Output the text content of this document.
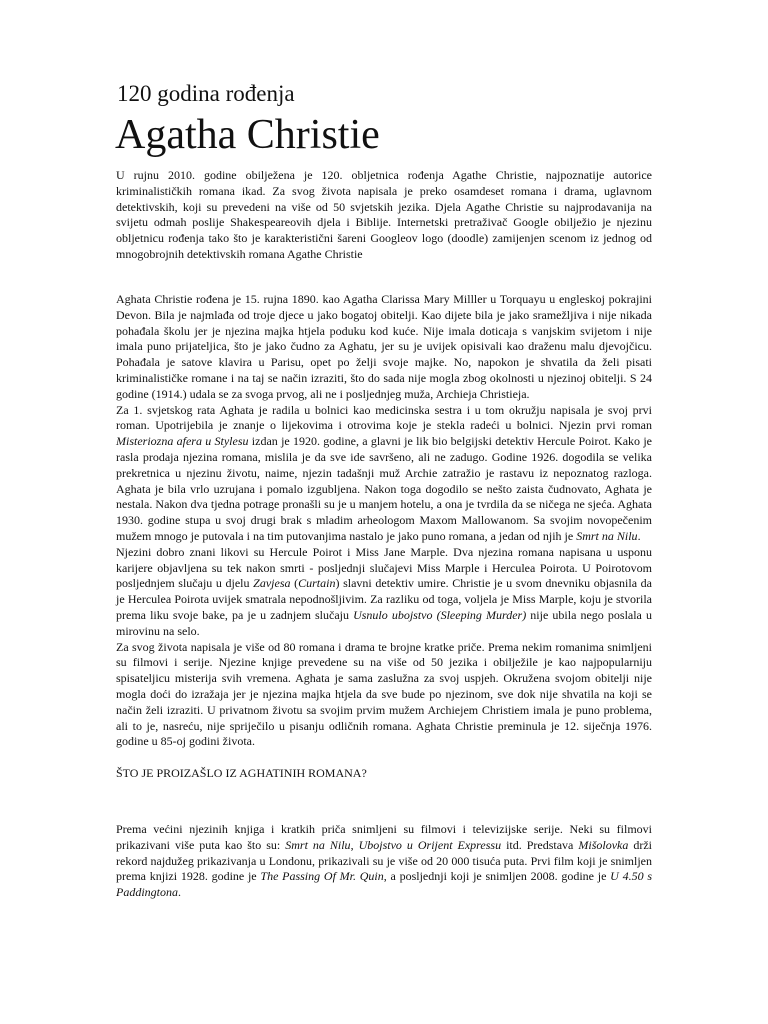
120 godina rođenja
Agatha Christie

U rujnu 2010. godine obilježena je 120. obljetnica rođenja Agathe Christie, najpoznatije autorice kriminalističkih romana ikad. Za svog života napisala je preko osamdeset romana i drama, uglavnom detektivskih, koji su prevedeni na više od 50 svjetskih jezika. Djela Agathe Christie su najprodavanija na svijetu odmah poslije Shakespeareovih djela i Biblije. Internetski pretraživač Google obilježio je njezinu obljetnicu rođenja tako što je karakteristični šareni Googleov logo (doodle) zamijenjen scenom iz jednog od mnogobrojnih detektivskih romana Agathe Christie

Aghata Christie rođena je 15. rujna 1890. kao Agatha Clarissa Mary Milller u Torquayu u engleskoj pokrajini Devon. Bila je najmlađa od troje djece u jako bogatoj obitelji. Kao dijete bila je jako sramežljiva i nije nikada pohađala školu jer je njezina majka htjela poduku kod kuće. Nije imala doticaja s vanjskim svijetom i nije imala puno prijateljica, što je jako čudno za Aghatu, jer su je uvijek opisivali kao draženu malu djevojčicu. Pohađala je satove klavira u Parisu, opet po želji svoje majke. No, napokon je shvatila da želi pisati kriminalističke romane i na taj se način izraziti, što do sada nije mogla zbog okolnosti u njezinoj obitelji. S 24 godine (1914.) udala se za svoga prvog, ali ne i posljednjeg muža, Archieja Christieja.
Za 1. svjetskog rata Aghata je radila u bolnici kao medicinska sestra i u tom okružju napisala je svoj prvi roman. Upotrijebila je znanje o lijekovima i otrovima koje je stekla radeći u bolnici. Njezin prvi roman Misteriozna afera u Stylesu izdan je 1920. godine, a glavni je lik bio belgijski detektiv Hercule Poirot. Kako je rasla prodaja njezina romana, mislila je da sve ide savršeno, ali ne zadugo. Godine 1926. dogodila se velika prekretnica u njezinu životu, naime, njezin tadašnji muž Archie zatražio je rastavu iz nepoznatog razloga. Aghata je bila vrlo uzrujana i pomalo izgubljena. Nakon toga dogodilo se nešto zaista čudnovato, Aghata je nestala. Nakon dva tjedna potrage pronašli su je u manjem hotelu, a ona je tvrdila da se ničega ne sjeća. Aghata 1930. godine stupa u svoj drugi brak s mladim arheologom Maxom Mallowanom. Sa svojim novopečenim mužem mnogo je putovala i na tim putovanjima nastalo je jako puno romana, a jedan od njih je Smrt na Nilu.
Njezini dobro znani likovi su Hercule Poirot i Miss Jane Marple. Dva njezina romana napisana u usponu karijere objavljena su tek nakon smrti - posljednji slučajevi Miss Marple i Herculea Poirota. U Poirotovom posljednjem slučaju u djelu Zavjesa (Curtain) slavni detektiv umire. Christie je u svom dnevniku objasnila da je Herculea Poirota uvijek smatrala nepodnošljivim. Za razliku od toga, voljela je Miss Marple, koju je stvorila prema liku svoje bake, pa je u zadnjem slučaju Usnulo ubojstvo (Sleeping Murder) nije ubila nego poslala u mirovinu na selo.
Za svog života napisala je više od 80 romana i drama te brojne kratke priče. Prema nekim romanima snimljeni su filmovi i serije. Njezine knjige prevedene su na više od 50 jezika i obilježile je kao najpopularniju spisateljicu misterija svih vremena. Aghata je sama zaslužna za svoj uspjeh. Okružena svojom obitelji nije mogla doći do izražaja jer je njezina majka htjela da sve bude po njezinom, sve dok nije shvatila na koji se način želi izraziti. U privatnom životu sa svojim prvim mužem Archiejem Christiem imala je puno problema, ali to je, nasreću, nije spriječilo u pisanju odličnih romana. Aghata Christie preminula je 12. siječnja 1976. godine u 85-oj godini života.

ŠTO JE PROIZAŠLO IZ AGHATINIH ROMANA?

Prema većini njezinih knjiga i kratkih priča snimljeni su filmovi i televizijske serije. Neki su filmovi prikazivani više puta kao što su: Smrt na Nilu, Ubojstvo u Orijent Expressu itd. Predstava Mišolovka drži rekord najdužeg prikazivanja u Londonu, prikazivali su je više od 20 000 tisuća puta. Prvi film koji je snimljen prema knjizi 1928. godine je The Passing Of Mr. Quin, a posljednji koji je snimljen 2008. godine je U 4.50 s Paddingtona.
